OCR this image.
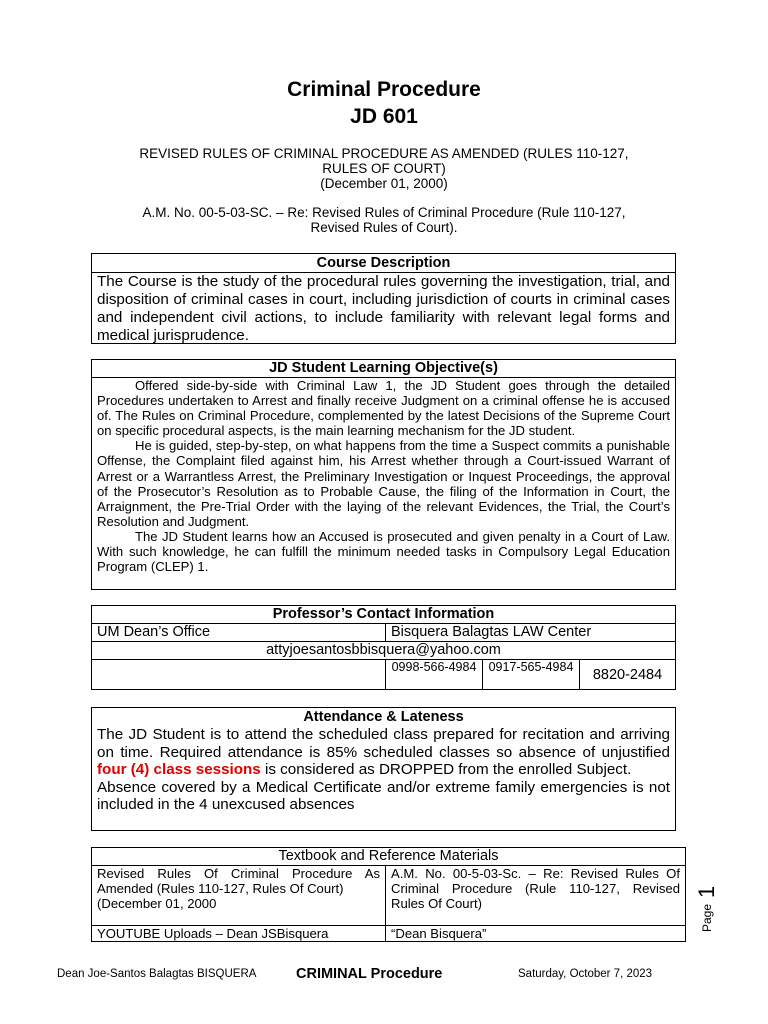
Criminal Procedure
JD 601
REVISED RULES OF CRIMINAL PROCEDURE AS AMENDED (RULES 110-127,
RULES OF COURT)
(December 01, 2000)
A.M. No. 00-5-03-SC. – Re: Revised Rules of Criminal Procedure (Rule 110-127,
Revised Rules of Court).
Course Description
The Course is the study of the procedural rules governing the investigation, trial, and disposition of criminal cases in court, including jurisdiction of courts in criminal cases and independent civil actions, to include familiarity with relevant legal forms and medical jurisprudence.
JD Student Learning Objective(s)
Offered side-by-side with Criminal Law 1, the JD Student goes through the detailed Procedures undertaken to Arrest and finally receive Judgment on a criminal offense he is accused of. The Rules on Criminal Procedure, complemented by the latest Decisions of the Supreme Court on specific procedural aspects, is the main learning mechanism for the JD student.
He is guided, step-by-step, on what happens from the time a Suspect commits a punishable Offense, the Complaint filed against him, his Arrest whether through a Court-issued Warrant of Arrest or a Warrantless Arrest, the Preliminary Investigation or Inquest Proceedings, the approval of the Prosecutor’s Resolution as to Probable Cause, the filing of the Information in Court, the Arraignment, the Pre-Trial Order with the laying of the relevant Evidences, the Trial, the Court’s Resolution and Judgment.
The JD Student learns how an Accused is prosecuted and given penalty in a Court of Law. With such knowledge, he can fulfill the minimum needed tasks in Compulsory Legal Education Program (CLEP) 1.
Professor’s Contact Information			
UM Dean’s Office	Bisquera Balagtas LAW Center		
attyjoesantosbbisquera@yahoo.com			
	0998-566-4984	0917-565-4984	8820-2484
Attendance & Lateness
The JD Student is to attend the scheduled class prepared for recitation and arriving on time. Required attendance is 85% scheduled classes so absence of unjustified four (4) class sessions is considered as DROPPED from the enrolled Subject.
Absence covered by a Medical Certificate and/or extreme family emergencies is not included in the 4 unexcused absences
Textbook and Reference Materials	

Revised Rules Of Criminal Procedure As Amended (Rules 110-127, Rules Of Court)
(December 01, 2000	A.M. No. 00-5-03-Sc. – Re: Revised Rules Of Criminal Procedure (Rule 110-127, Revised Rules Of Court)
YOUTUBE Uploads – Dean JSBisquera	“Dean Bisquera”
Page
1
Dean Joe-Santos Balagtas BISQUERA	CRIMINAL Procedure	Saturday, October 7, 2023
